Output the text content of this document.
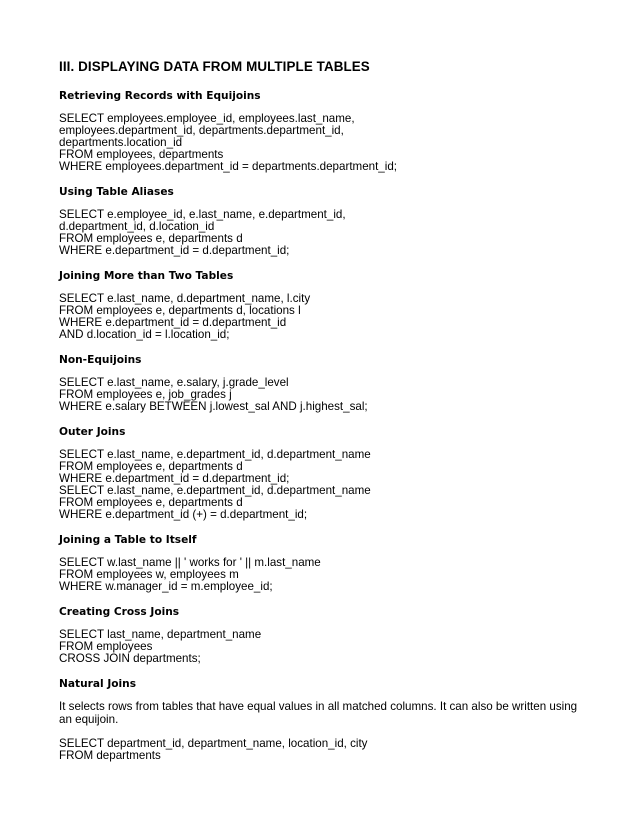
III. DISPLAYING DATA FROM MULTIPLE TABLES
Retrieving Records with Equijoins
SELECT employees.employee_id, employees.last_name,
employees.department_id, departments.department_id,
departments.location_id
FROM employees, departments
WHERE employees.department_id = departments.department_id;
Using Table Aliases
SELECT e.employee_id, e.last_name, e.department_id,
d.department_id, d.location_id
FROM employees e, departments d
WHERE e.department_id = d.department_id;
Joining More than Two Tables
SELECT e.last_name, d.department_name, l.city
FROM employees e, departments d, locations l
WHERE e.department_id = d.department_id
AND d.location_id = l.location_id;
Non-Equijoins
SELECT e.last_name, e.salary, j.grade_level
FROM employees e, job_grades j
WHERE e.salary BETWEEN j.lowest_sal AND j.highest_sal;
Outer Joins
SELECT e.last_name, e.department_id, d.department_name
FROM employees e, departments d
WHERE e.department_id = d.department_id;
SELECT e.last_name, e.department_id, d.department_name
FROM employees e, departments d
WHERE e.department_id (+) = d.department_id;
Joining a Table to Itself
SELECT w.last_name || ' works for ' || m.last_name
FROM employees w, employees m
WHERE w.manager_id = m.employee_id;
Creating Cross Joins
SELECT last_name, department_name
FROM employees
CROSS JOIN departments;
Natural Joins
It selects rows from tables that have equal values in all matched columns. It can also be written using an equijoin.
SELECT department_id, department_name, location_id, city
FROM departments
